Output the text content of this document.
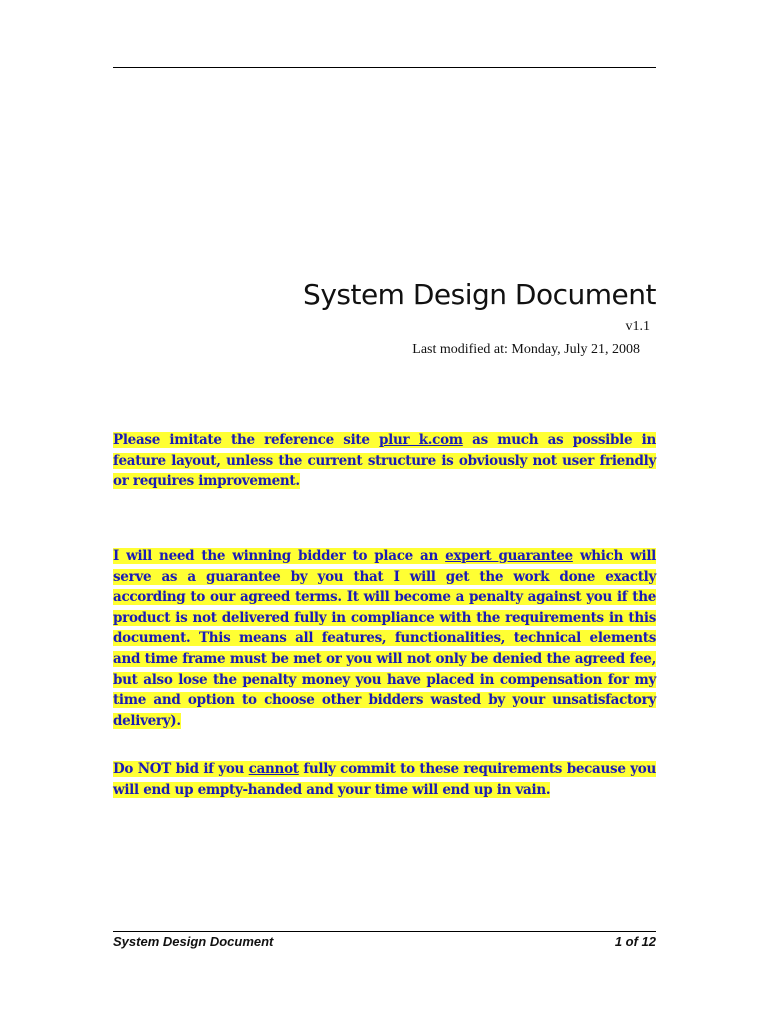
System Design Document
v1.1
Last modified at: Monday, July 21, 2008

Please imitate the reference site plur k.com as much as possible in feature layout, unless the current structure is obviously not user friendly or requires improvement.

I will need the winning bidder to place an expert guarantee which will serve as a guarantee by you that I will get the work done exactly according to our agreed terms. It will become a penalty against you if the product is not delivered fully in compliance with the requirements in this document. This means all features, functionalities, technical elements and time frame must be met or you will not only be denied the agreed fee, but also lose the penalty money you have placed in compensation for my time and option to choose other bidders wasted by your unsatisfactory delivery).

Do NOT bid if you cannot fully commit to these requirements because you will end up empty-handed and your time will end up in vain.

System Design Document	1 of 12
